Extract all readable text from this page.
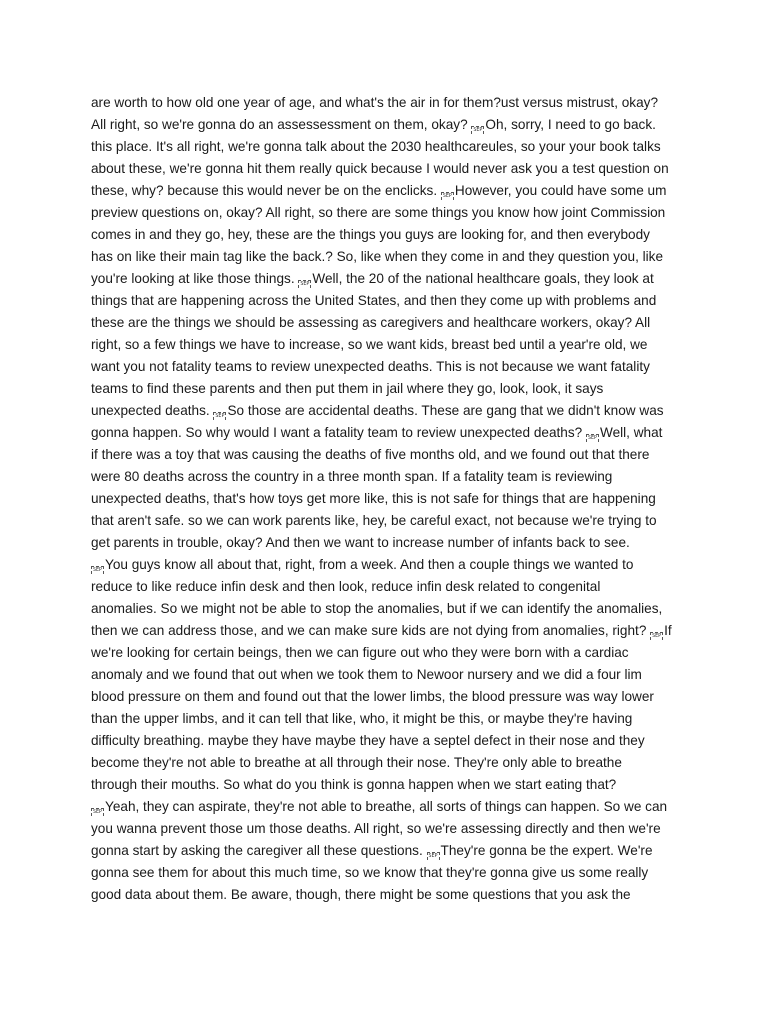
are worth to how old one year of age, and what's the air in for them?ust versus mistrust, okay?
All right, so we're gonna do an assessessment on them, okay? SEP Oh, sorry, I need to go back.
this place. It's all right, we're gonna talk about the 2030 healthcareules, so your your book talks
about these, we're gonna hit them really quick because I would never ask you a test question on
these, why? because this would never be on the enclicks. SEP However, you could have some um
preview questions on, okay? All right, so there are some things you know how joint Commission
comes in and they go, hey, these are the things you guys are looking for, and then everybody
has on like their main tag like the back.? So, like when they come in and they question you, like
you're looking at like those things. SEP Well, the 20 of the national healthcare goals, they look at
things that are happening across the United States, and then they come up with problems and
these are the things we should be assessing as caregivers and healthcare workers, okay? All
right, so a few things we have to increase, so we want kids, breast bed until a year're old, we
want you not fatality teams to review unexpected deaths. This is not because we want fatality
teams to find these parents and then put them in jail where they go, look, look, it says
unexpected deaths. SEP So those are accidental deaths. These are gang that we didn't know was
gonna happen. So why would I want a fatality team to review unexpected deaths? SEP Well, what
if there was a toy that was causing the deaths of five months old, and we found out that there
were 80 deaths across the country in a three month span. If a fatality team is reviewing
unexpected deaths, that's how toys get more like, this is not safe for things that are happening
that aren't safe. so we can work parents like, hey, be careful exact, not because we're trying to
get parents in trouble, okay? And then we want to increase number of infants back to see.
SEP You guys know all about that, right, from a week. And then a couple things we wanted to
reduce to like reduce infin desk and then look, reduce infin desk related to congenital
anomalies. So we might not be able to stop the anomalies, but if we can identify the anomalies,
then we can address those, and we can make sure kids are not dying from anomalies, right? SEP If
we're looking for certain beings, then we can figure out who they were born with a cardiac
anomaly and we found that out when we took them to Newoor nursery and we did a four lim
blood pressure on them and found out that the lower limbs, the blood pressure was way lower
than the upper limbs, and it can tell that like, who, it might be this, or maybe they're having
difficulty breathing. maybe they have maybe they have a septel defect in their nose and they
become they're not able to breathe at all through their nose. They're only able to breathe
through their mouths. So what do you think is gonna happen when we start eating that?
SEP Yeah, they can aspirate, they're not able to breathe, all sorts of things can happen. So we can
you wanna prevent those um those deaths. All right, so we're assessing directly and then we're
gonna start by asking the caregiver all these questions. SEP They're gonna be the expert. We're
gonna see them for about this much time, so we know that they're gonna give us some really
good data about them. Be aware, though, there might be some questions that you ask the
